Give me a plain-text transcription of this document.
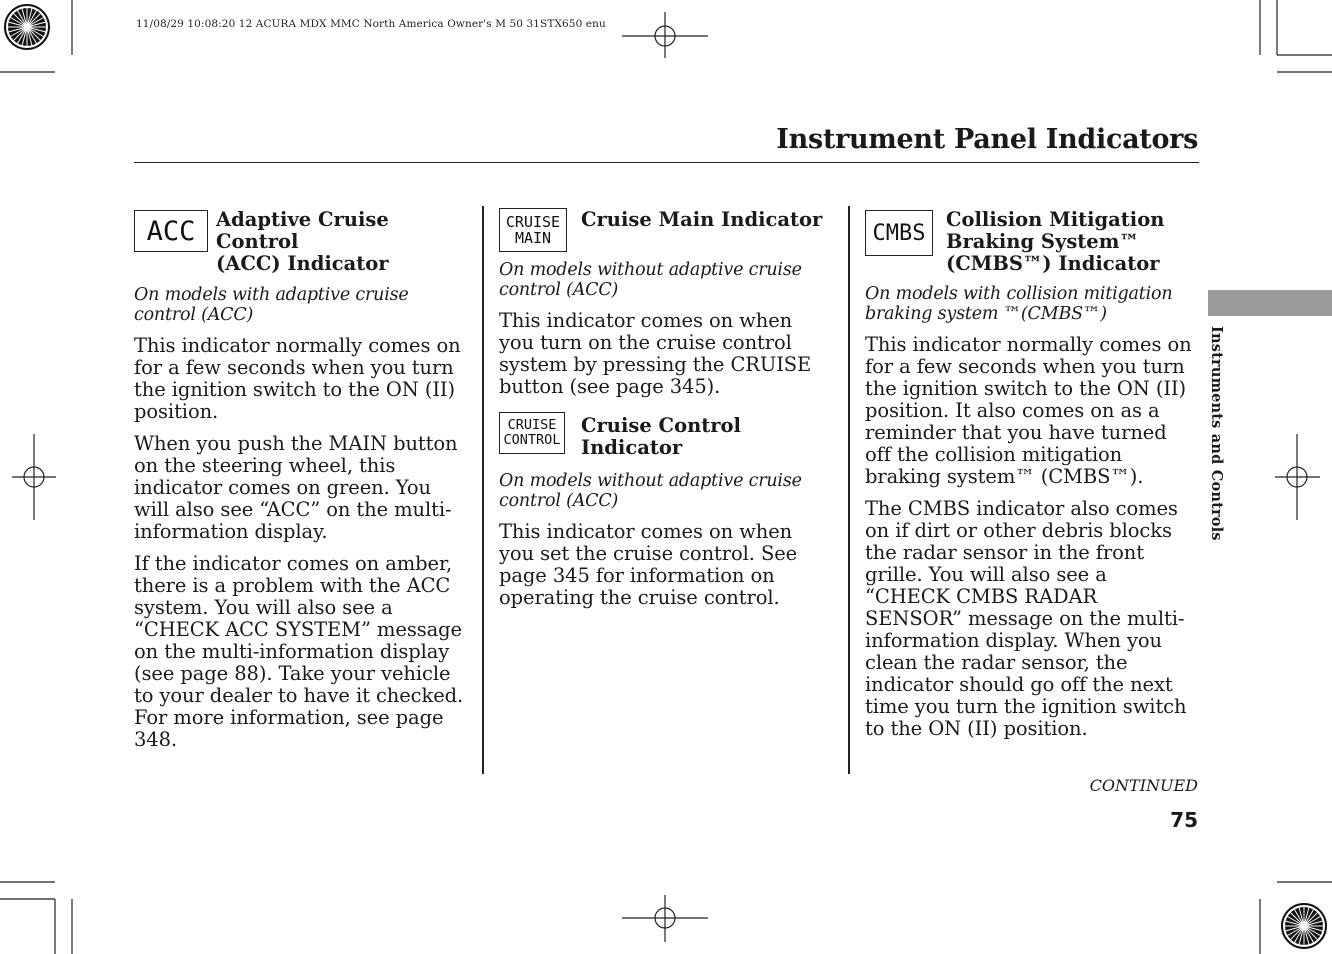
11/08/29 10:08:20 12 ACURA MDX MMC North America Owner's M 50 31STX650 enu
Instrument Panel Indicators
ACC Adaptive Cruise Control
(ACC) Indicator
On models with adaptive cruise control (ACC)
This indicator normally comes on for a few seconds when you turn the ignition switch to the ON (II) position.
When you push the MAIN button on the steering wheel, this indicator comes on green. You will also see “ACC” on the multi-information display.
If the indicator comes on amber, there is a problem with the ACC system. You will also see a “CHECK ACC SYSTEM” message on the multi-information display (see page 88). Take your vehicle to your dealer to have it checked. For more information, see page 348.
CRUISE
MAIN
Cruise Main Indicator
On models without adaptive cruise control (ACC)
This indicator comes on when you turn on the cruise control system by pressing the CRUISE button (see page 345).
CRUISE
CONTROL
Cruise Control Indicator
On models without adaptive cruise control (ACC)
This indicator comes on when you set the cruise control. See page 345 for information on operating the cruise control.
CMBS
Collision Mitigation
Braking System™
(CMBS™) Indicator
On models with collision mitigation braking system ™(CMBS™)
This indicator normally comes on for a few seconds when you turn the ignition switch to the ON (II) position. It also comes on as a reminder that you have turned off the collision mitigation braking system™ (CMBS™).
The CMBS indicator also comes on if dirt or other debris blocks the radar sensor in the front grille. You will also see a “CHECK CMBS RADAR SENSOR” message on the multi-information display. When you clean the radar sensor, the indicator should go off the next time you turn the ignition switch to the ON (II) position.
Instruments and Controls
CONTINUED
75
